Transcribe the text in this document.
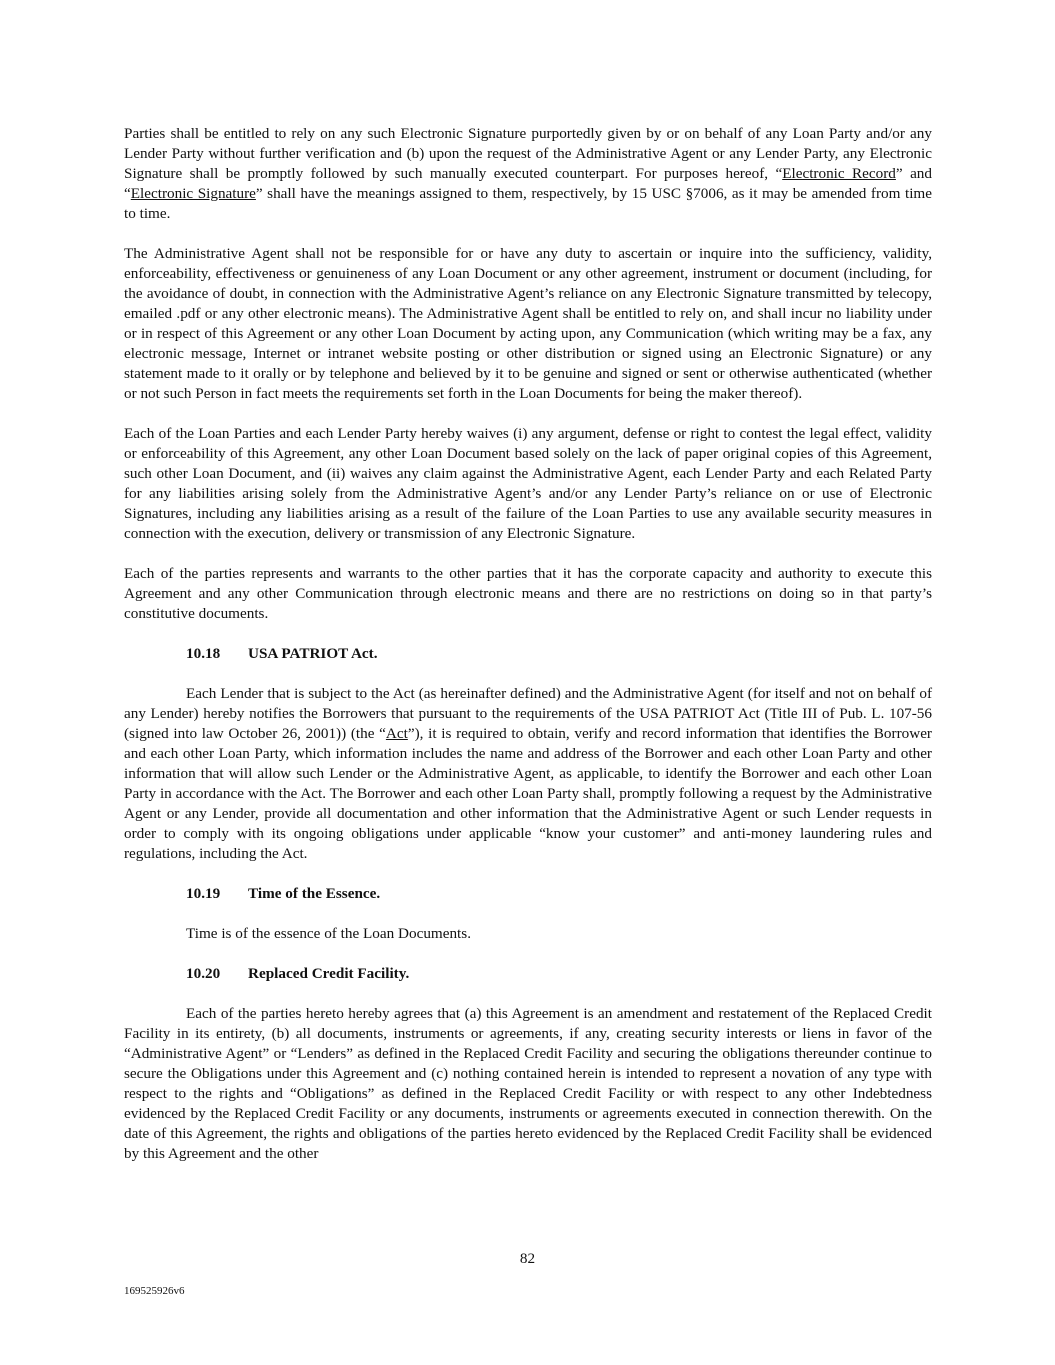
Parties shall be entitled to rely on any such Electronic Signature purportedly given by or on behalf of any Loan Party and/or any Lender Party without further verification and (b) upon the request of the Administrative Agent or any Lender Party, any Electronic Signature shall be promptly followed by such manually executed counterpart. For purposes hereof, “Electronic Record” and “Electronic Signature” shall have the meanings assigned to them, respectively, by 15 USC §7006, as it may be amended from time to time.

The Administrative Agent shall not be responsible for or have any duty to ascertain or inquire into the sufficiency, validity, enforceability, effectiveness or genuineness of any Loan Document or any other agreement, instrument or document (including, for the avoidance of doubt, in connection with the Administrative Agent’s reliance on any Electronic Signature transmitted by telecopy, emailed .pdf or any other electronic means). The Administrative Agent shall be entitled to rely on, and shall incur no liability under or in respect of this Agreement or any other Loan Document by acting upon, any Communication (which writing may be a fax, any electronic message, Internet or intranet website posting or other distribution or signed using an Electronic Signature) or any statement made to it orally or by telephone and believed by it to be genuine and signed or sent or otherwise authenticated (whether or not such Person in fact meets the requirements set forth in the Loan Documents for being the maker thereof).

Each of the Loan Parties and each Lender Party hereby waives (i) any argument, defense or right to contest the legal effect, validity or enforceability of this Agreement, any other Loan Document based solely on the lack of paper original copies of this Agreement, such other Loan Document, and (ii) waives any claim against the Administrative Agent, each Lender Party and each Related Party for any liabilities arising solely from the Administrative Agent’s and/or any Lender Party’s reliance on or use of Electronic Signatures, including any liabilities arising as a result of the failure of the Loan Parties to use any available security measures in connection with the execution, delivery or transmission of any Electronic Signature.

Each of the parties represents and warrants to the other parties that it has the corporate capacity and authority to execute this Agreement and any other Communication through electronic means and there are no restrictions on doing so in that party’s constitutive documents.

10.18 USA PATRIOT Act.

Each Lender that is subject to the Act (as hereinafter defined) and the Administrative Agent (for itself and not on behalf of any Lender) hereby notifies the Borrowers that pursuant to the requirements of the USA PATRIOT Act (Title III of Pub. L. 107-56 (signed into law October 26, 2001)) (the “Act”), it is required to obtain, verify and record information that identifies the Borrower and each other Loan Party, which information includes the name and address of the Borrower and each other Loan Party and other information that will allow such Lender or the Administrative Agent, as applicable, to identify the Borrower and each other Loan Party in accordance with the Act. The Borrower and each other Loan Party shall, promptly following a request by the Administrative Agent or any Lender, provide all documentation and other information that the Administrative Agent or such Lender requests in order to comply with its ongoing obligations under applicable “know your customer” and anti-money laundering rules and regulations, including the Act.

10.19 Time of the Essence.

Time is of the essence of the Loan Documents.

10.20 Replaced Credit Facility.

Each of the parties hereto hereby agrees that (a) this Agreement is an amendment and restatement of the Replaced Credit Facility in its entirety, (b) all documents, instruments or agreements, if any, creating security interests or liens in favor of the “Administrative Agent” or “Lenders” as defined in the Replaced Credit Facility and securing the obligations thereunder continue to secure the Obligations under this Agreement and (c) nothing contained herein is intended to represent a novation of any type with respect to the rights and “Obligations” as defined in the Replaced Credit Facility or with respect to any other Indebtedness evidenced by the Replaced Credit Facility or any documents, instruments or agreements executed in connection therewith. On the date of this Agreement, the rights and obligations of the parties hereto evidenced by the Replaced Credit Facility shall be evidenced by this Agreement and the other

82
169525926v6
